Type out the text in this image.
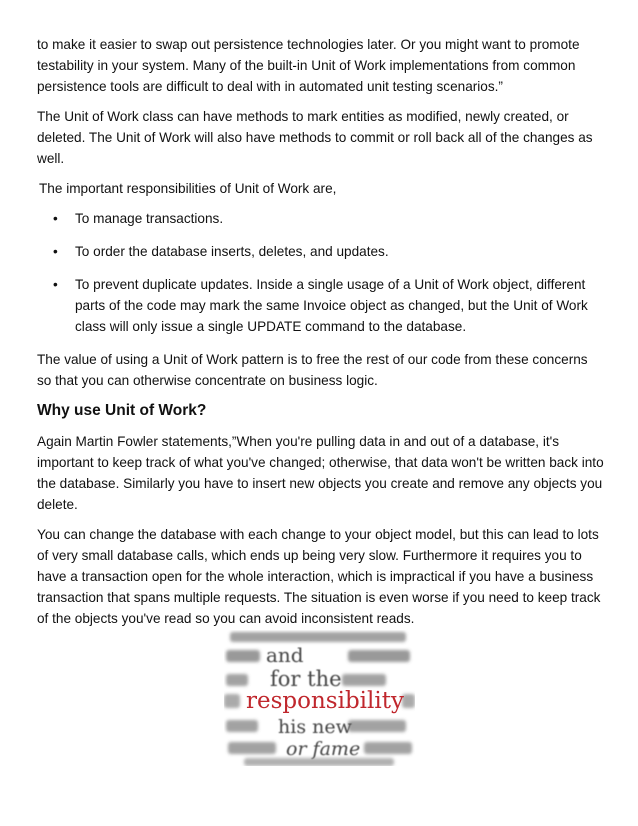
to make it easier to swap out persistence technologies later. Or you might want to promote testability in your system. Many of the built-in Unit of Work implementations from common persistence tools are difficult to deal with in automated unit testing scenarios.”

The Unit of Work class can have methods to mark entities as modified, newly created, or deleted. The Unit of Work will also have methods to commit or roll back all of the changes as well.

The important responsibilities of Unit of Work are,

• To manage transactions.
• To order the database inserts, deletes, and updates.
• To prevent duplicate updates. Inside a single usage of a Unit of Work object, different parts of the code may mark the same Invoice object as changed, but the Unit of Work class will only issue a single UPDATE command to the database.

The value of using a Unit of Work pattern is to free the rest of our code from these concerns so that you can otherwise concentrate on business logic.

Why use Unit of Work?

Again Martin Fowler statements,”When you're pulling data in and out of a database, it's important to keep track of what you've changed; otherwise, that data won't be written back into the database. Similarly you have to insert new objects you create and remove any objects you delete.

You can change the database with each change to your object model, but this can lead to lots of very small database calls, which ends up being very slow. Furthermore it requires you to have a transaction open for the whole interaction, which is impractical if you have a business transaction that spans multiple requests. The situation is even worse if you need to keep track of the objects you've read so you can avoid inconsistent reads.

and
for the
his new
or fame
responsibility
